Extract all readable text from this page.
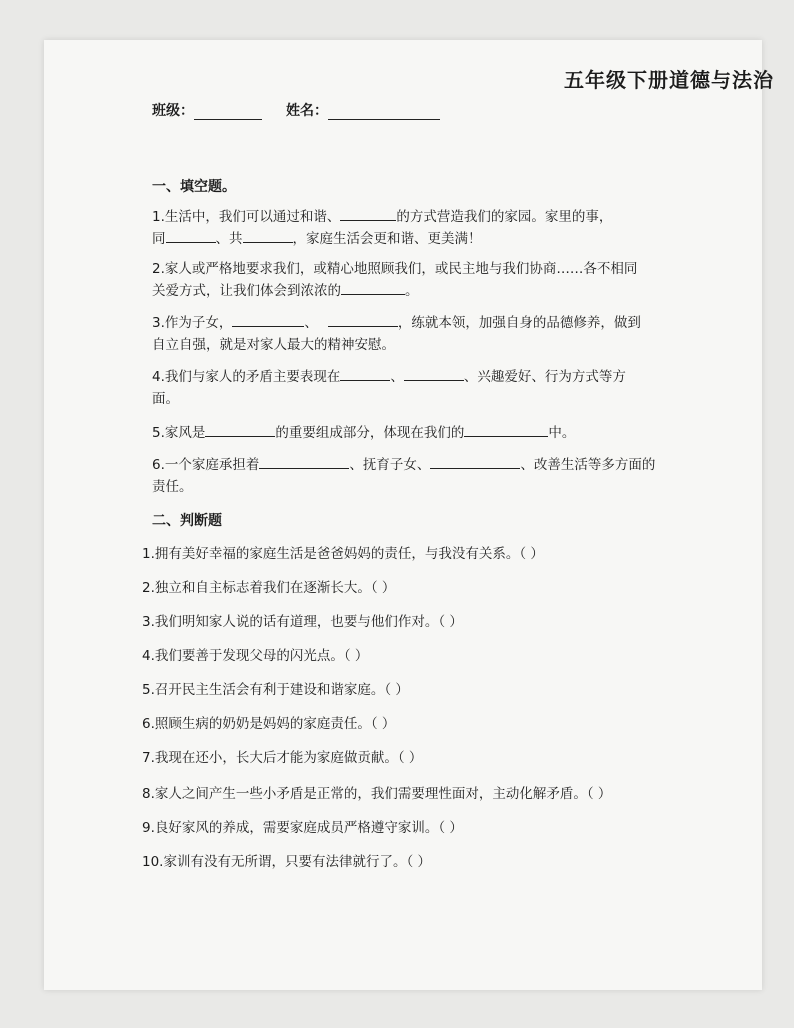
五年级下册道德与法治
班级：	姓名：
一、填空题。
1.生活中，我们可以通过和谐、	的方式营造我们的家园。家里的事，
同	、共	，家庭生活会更和谐、更美满！
2.家人或严格地要求我们，或精心地照顾我们，或民主地与我们协商……各不相同
关爱方式，让我们体会到浓浓的	。
3.作为子女，	、	，练就本领，加强自身的品德修养，做到
自立自强，就是对家人最大的精神安慰。
4.我们与家人的矛盾主要表现在	、	、兴趣爱好、行为方式等方
面。
5.家风是	的重要组成部分，体现在我们的	中。
6.一个家庭承担着	、抚育子女、	、改善生活等多方面的
责任。
二、判断题
1.拥有美好幸福的家庭生活是爸爸妈妈的责任，与我没有关系。（ ）
2.独立和自主标志着我们在逐渐长大。（ ）
3.我们明知家人说的话有道理，也要与他们作对。（ ）
4.我们要善于发现父母的闪光点。（ ）
5.召开民主生活会有利于建设和谐家庭。（ ）
6.照顾生病的奶奶是妈妈的家庭责任。（ ）
7.我现在还小，长大后才能为家庭做贡献。（ ）
8.家人之间产生一些小矛盾是正常的，我们需要理性面对，主动化解矛盾。（ ）
9.良好家风的养成，需要家庭成员严格遵守家训。（ ）
10.家训有没有无所谓，只要有法律就行了。（ ）
